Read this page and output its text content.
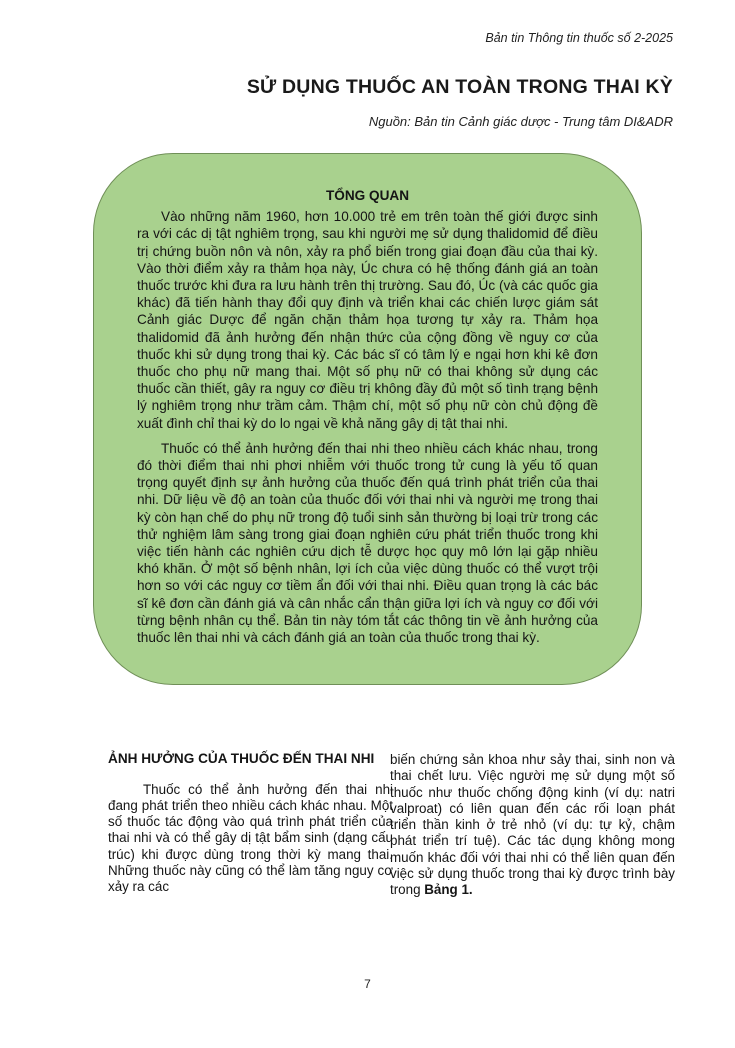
Bản tin Thông tin thuốc số 2-2025
SỬ DỤNG THUỐC AN TOÀN TRONG THAI KỲ
Nguồn: Bản tin Cảnh giác dược - Trung tâm DI&ADR
TỔNG QUAN

Vào những năm 1960, hơn 10.000 trẻ em trên toàn thế giới được sinh ra với các dị tật nghiêm trọng, sau khi người mẹ sử dụng thalidomid để điều trị chứng buồn nôn và nôn, xảy ra phổ biến trong giai đoạn đầu của thai kỳ. Vào thời điểm xảy ra thảm họa này, Úc chưa có hệ thống đánh giá an toàn thuốc trước khi đưa ra lưu hành trên thị trường. Sau đó, Úc (và các quốc gia khác) đã tiến hành thay đổi quy định và triển khai các chiến lược giám sát Cảnh giác Dược để ngăn chặn thảm họa tương tự xảy ra. Thảm họa thalidomid đã ảnh hưởng đến nhận thức của cộng đồng về nguy cơ của thuốc khi sử dụng trong thai kỳ. Các bác sĩ có tâm lý e ngại hơn khi kê đơn thuốc cho phụ nữ mang thai. Một số phụ nữ có thai không sử dụng các thuốc cần thiết, gây ra nguy cơ điều trị không đầy đủ một số tình trạng bệnh lý nghiêm trọng như trầm cảm. Thậm chí, một số phụ nữ còn chủ động đề xuất đình chỉ thai kỳ do lo ngại về khả năng gây dị tật thai nhi.

Thuốc có thể ảnh hưởng đến thai nhi theo nhiều cách khác nhau, trong đó thời điểm thai nhi phơi nhiễm với thuốc trong tử cung là yếu tố quan trọng quyết định sự ảnh hưởng của thuốc đến quá trình phát triển của thai nhi. Dữ liệu về độ an toàn của thuốc đối với thai nhi và người mẹ trong thai kỳ còn hạn chế do phụ nữ trong độ tuổi sinh sản thường bị loại trừ trong các thử nghiệm lâm sàng trong giai đoạn nghiên cứu phát triển thuốc trong khi việc tiến hành các nghiên cứu dịch tễ dược học quy mô lớn lại gặp nhiều khó khăn. Ở một số bệnh nhân, lợi ích của việc dùng thuốc có thể vượt trội hơn so với các nguy cơ tiềm ẩn đối với thai nhi. Điều quan trọng là các bác sĩ kê đơn cần đánh giá và cân nhắc cẩn thận giữa lợi ích và nguy cơ đối với từng bệnh nhân cụ thể. Bản tin này tóm tắt các thông tin về ảnh hưởng của thuốc lên thai nhi và cách đánh giá an toàn của thuốc trong thai kỳ.

ẢNH HƯỞNG CỦA THUỐC ĐẾN THAI NHI

Thuốc có thể ảnh hưởng đến thai nhi đang phát triển theo nhiều cách khác nhau. Một số thuốc tác động vào quá trình phát triển của thai nhi và có thể gây dị tật bẩm sinh (dạng cấu trúc) khi được dùng trong thời kỳ mang thai. Những thuốc này cũng có thể làm tăng nguy cơ xảy ra các

biến chứng sản khoa như sảy thai, sinh non và thai chết lưu. Việc người mẹ sử dụng một số thuốc như thuốc chống động kinh (ví dụ: natri valproat) có liên quan đến các rối loạn phát triển thần kinh ở trẻ nhỏ (ví dụ: tự kỷ, chậm phát triển trí tuệ). Các tác dụng không mong muốn khác đối với thai nhi có thể liên quan đến việc sử dụng thuốc trong thai kỳ được trình bày trong Bảng 1.

7
